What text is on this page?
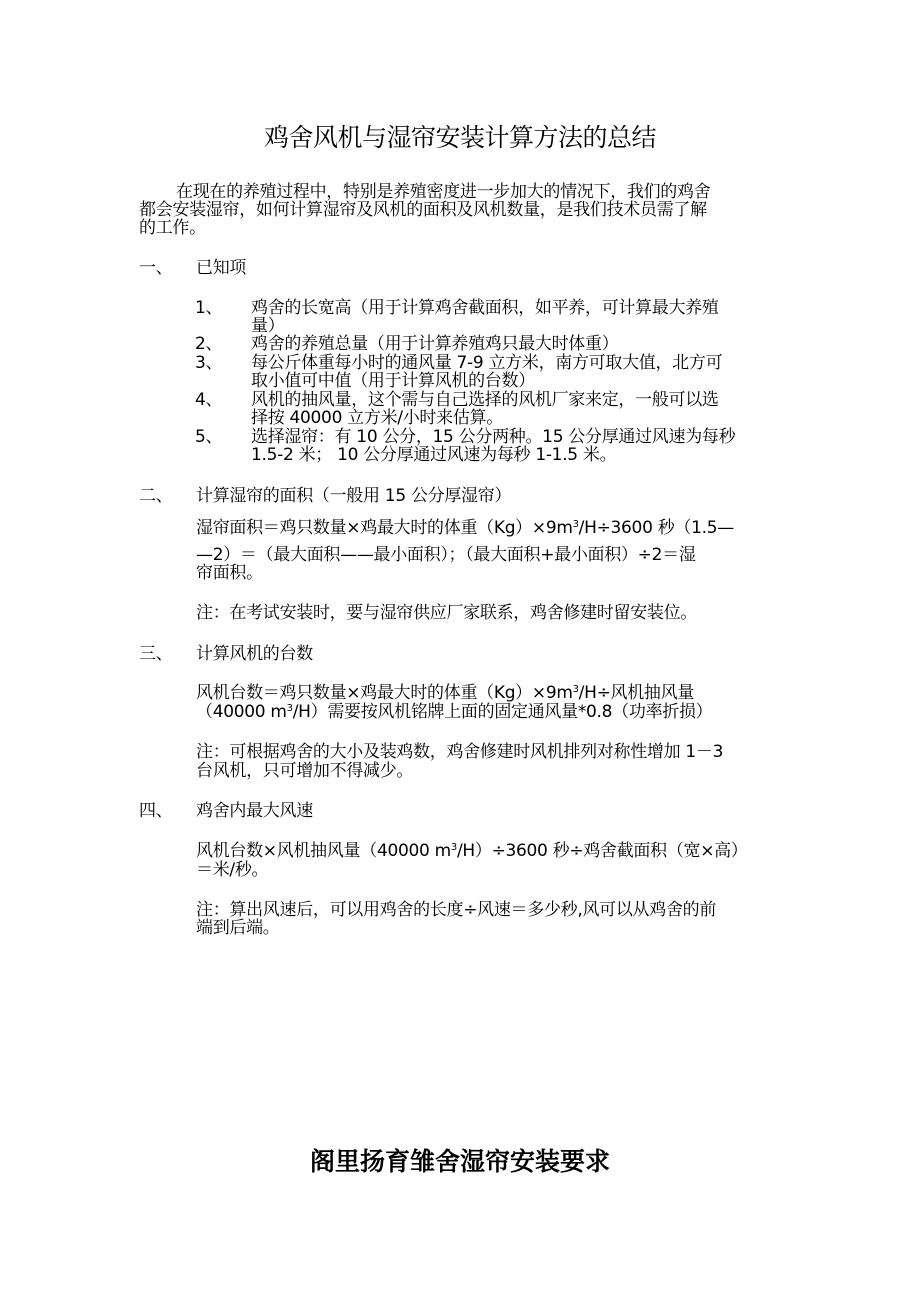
鸡舍风机与湿帘安装计算方法的总结
在现在的养殖过程中，特别是养殖密度进一步加大的情况下，我们的鸡舍
都会安装湿帘，如何计算湿帘及风机的面积及风机数量，是我们技术员需了解
的工作。
一、 已知项
1、 鸡舍的长宽高（用于计算鸡舍截面积，如平养，可计算最大养殖
量）
2、 鸡舍的养殖总量（用于计算养殖鸡只最大时体重）
3、 每公斤体重每小时的通风量 7-9 立方米，南方可取大值，北方可
取小值可中值（用于计算风机的台数）
4、 风机的抽风量，这个需与自己选择的风机厂家来定，一般可以选
择按 40000 立方米/小时来估算。
5、 选择湿帘：有 10 公分，15 公分两种。15 公分厚通过风速为每秒
1.5-2 米； 10 公分厚通过风速为每秒 1-1.5 米。
二、 计算湿帘的面积（一般用 15 公分厚湿帘）
湿帘面积＝鸡只数量×鸡最大时的体重$(Kg)\times 9m^3/H\div 3600$ 秒（1.5—
—2）＝（最大面积——最小面积）；（最大面积+最小面积）÷2＝湿
帘面积。
注：在考试安装时，要与湿帘供应厂家联系，鸡舍修建时留安装位。
三、 计算风机的台数
风机台数＝鸡只数量×鸡最大时的体重$(Kg)\times 9m^3/H\div$风机抽风量
（40000 $m^3/H$）需要按风机铭牌上面的固定通风量*0.8（功率折损）
注：可根据鸡舍的大小及装鸡数，鸡舍修建时风机排列对称性增加 1－3
台风机，只可增加不得减少。
四、 鸡舍内最大风速
风机台数×风机抽风量（40000 $m^3/H)\div 3600$ 秒÷鸡舍截面积（宽×高）
＝米/秒。
注：算出风速后，可以用鸡舍的长度÷风速＝多少秒,风可以从鸡舍的前
端到后端。
阁里扬育雏舍湿帘安装要求
